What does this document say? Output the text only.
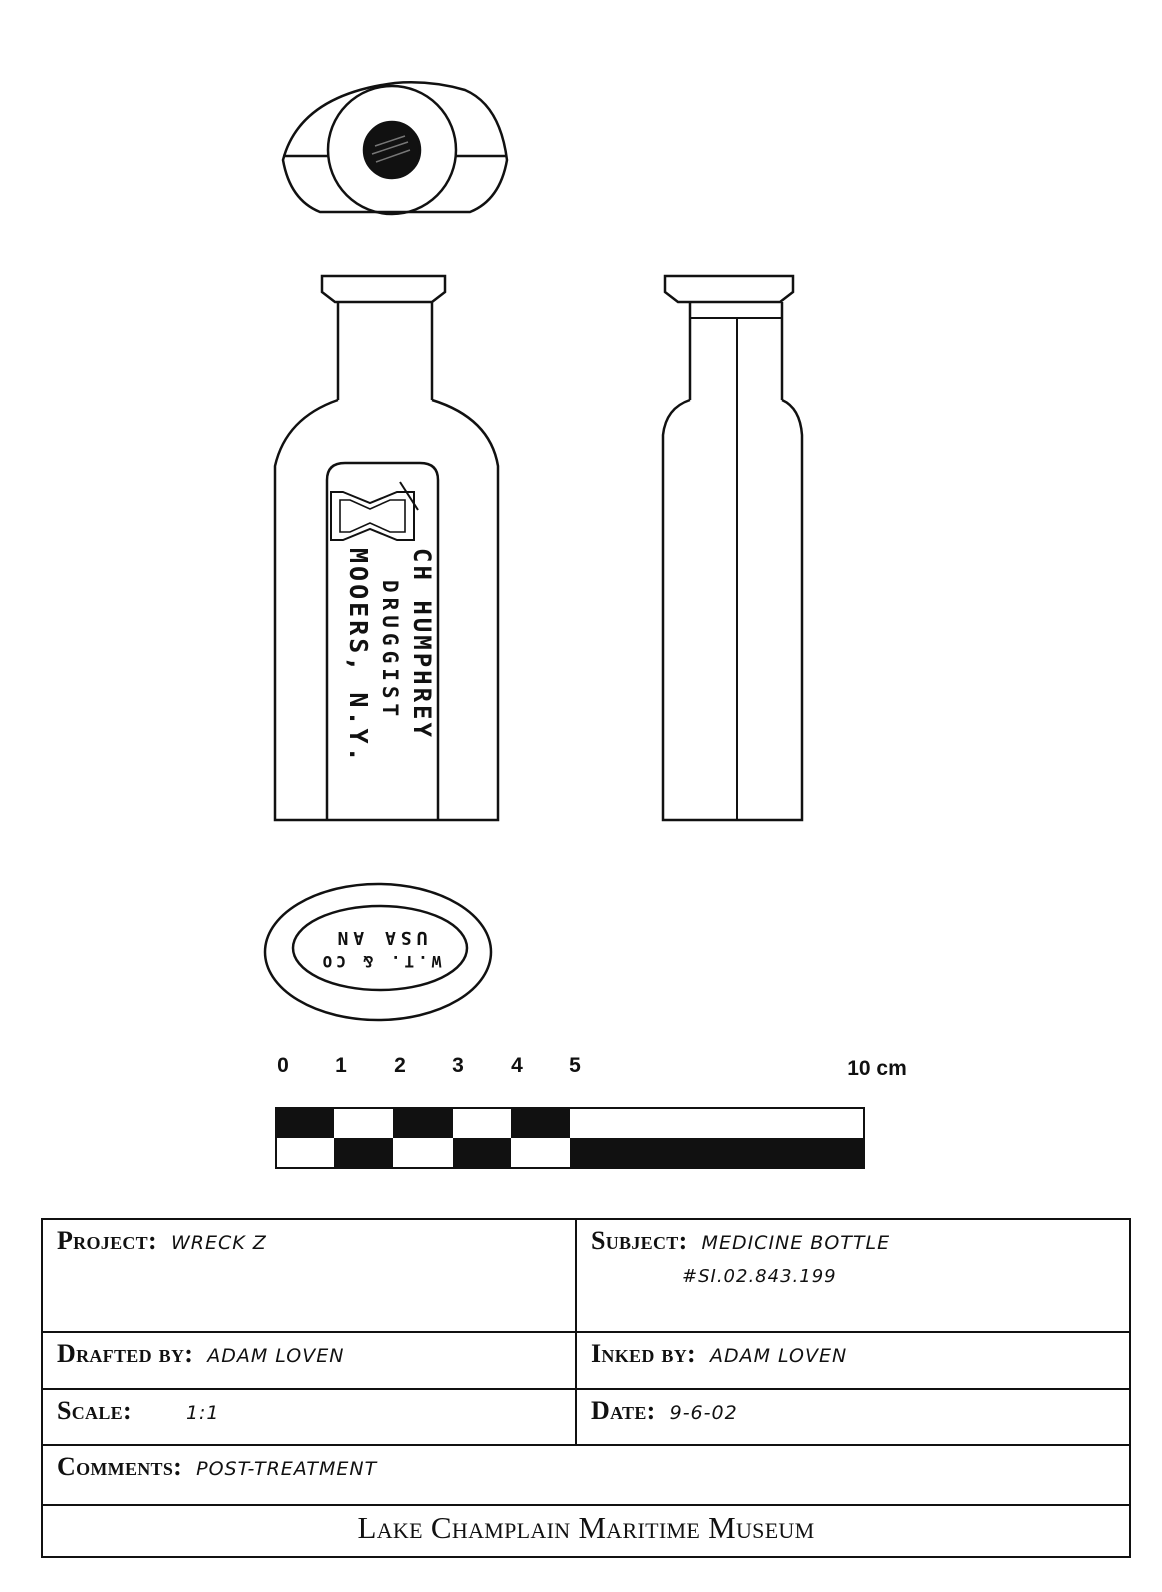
CH HUMPHREY
DRUGGIST
MOOERS, N.Y.
USA AN
W.T. & CO
0 1 2 3 4 5	10 cm
Project: WRECK Z	Subject: MEDICINE BOTTLE
#SI.02.843.199
Drafted by: ADAM LOVEN	Inked by: ADAM LOVEN
Scale:	1:1	Date: 9-6-02
Comments: POST-TREATMENT
Lake Champlain Maritime Museum
